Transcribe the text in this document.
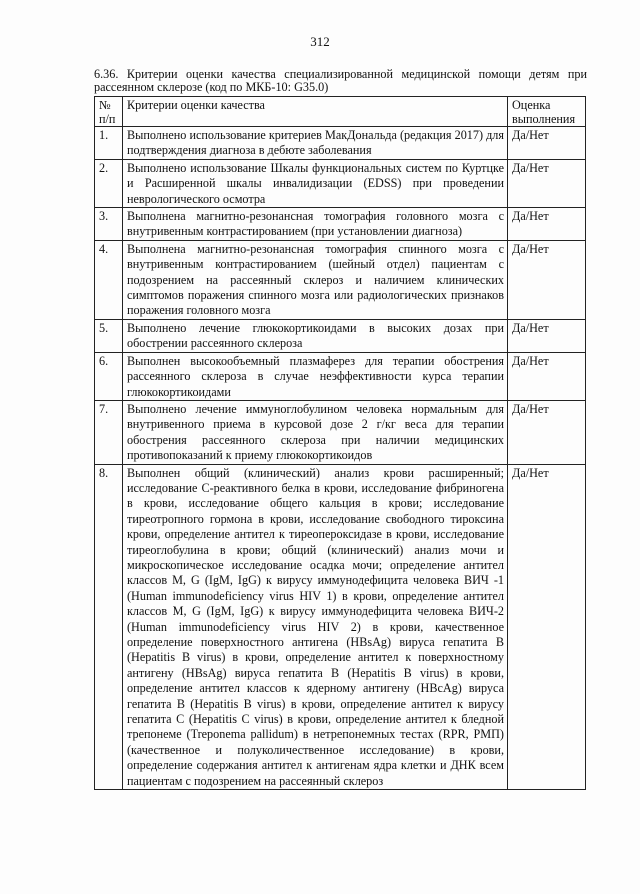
312
6.36. Критерии оценки качества специализированной медицинской помощи детям при рассеянном склерозе (код по МКБ-10: G35.0)
№ п/п	Критерии оценки качества	Оценка выполнения
1.	Выполнено использование критериев МакДональда (редакция 2017) для подтверждения диагноза в дебюте заболевания	Да/Нет
2.	Выполнено использование Шкалы функциональных систем по Куртцке и Расширенной шкалы инвалидизации (EDSS) при проведении неврологического осмотра	Да/Нет
3.	Выполнена магнитно-резонансная томография головного мозга с внутривенным контрастированием (при установлении диагноза)	Да/Нет
4.	Выполнена магнитно-резонансная томография спинного мозга с внутривенным контрастированием (шейный отдел) пациентам с подозрением на рассеянный склероз и наличием клинических симптомов поражения спинного мозга или радиологических признаков поражения головного мозга	Да/Нет
5.	Выполнено лечение глюкокортикоидами в высоких дозах при обострении рассеянного склероза	Да/Нет
6.	Выполнен высокообъемный плазмаферез для терапии обострения рассеянного склероза в случае неэффективности курса терапии глюкокортикоидами	Да/Нет
7.	Выполнено лечение иммуноглобулином человека нормальным для внутривенного приема в курсовой дозе 2 г/кг веса для терапии обострения рассеянного склероза при наличии медицинских противопоказаний к приему глюкокортикоидов	Да/Нет
8.	Выполнен общий (клинический) анализ крови расширенный; исследование С-реактивного белка в крови, исследование фибриногена в крови, исследование общего кальция в крови; исследование тиреотропного гормона в крови, исследование свободного тироксина крови, определение антител к тиреопероксидазе в крови, исследование тиреоглобулина в крови; общий (клинический) анализ мочи и микроскопическое исследование осадка мочи; определение антител классов M, G (IgM, IgG) к вирусу иммунодефицита человека ВИЧ -1 (Human immunodeficiency virus HIV 1) в крови, определение антител классов M, G (IgM, IgG) к вирусу иммунодефицита человека ВИЧ-2 (Human immunodeficiency virus HIV 2) в крови, качественное определение поверхностного антигена (HBsAg) вируса гепатита B (Hepatitis B virus) в крови, определение антител к поверхностному антигену (HBsAg) вируса гепатита B (Hepatitis B virus) в крови, определение антител классов к ядерному антигену (HBcAg) вируса гепатита B (Hepatitis B virus) в крови, определение антител к вирусу гепатита C (Hepatitis C virus) в крови, определение антител к бледной трепонеме (Treponema pallidum) в нетрепонемных тестах (RPR, РМП) (качественное и полуколичественное исследование) в крови, определение содержания антител к антигенам ядра клетки и ДНК всем пациентам с подозрением на рассеянный склероз	Да/Нет
